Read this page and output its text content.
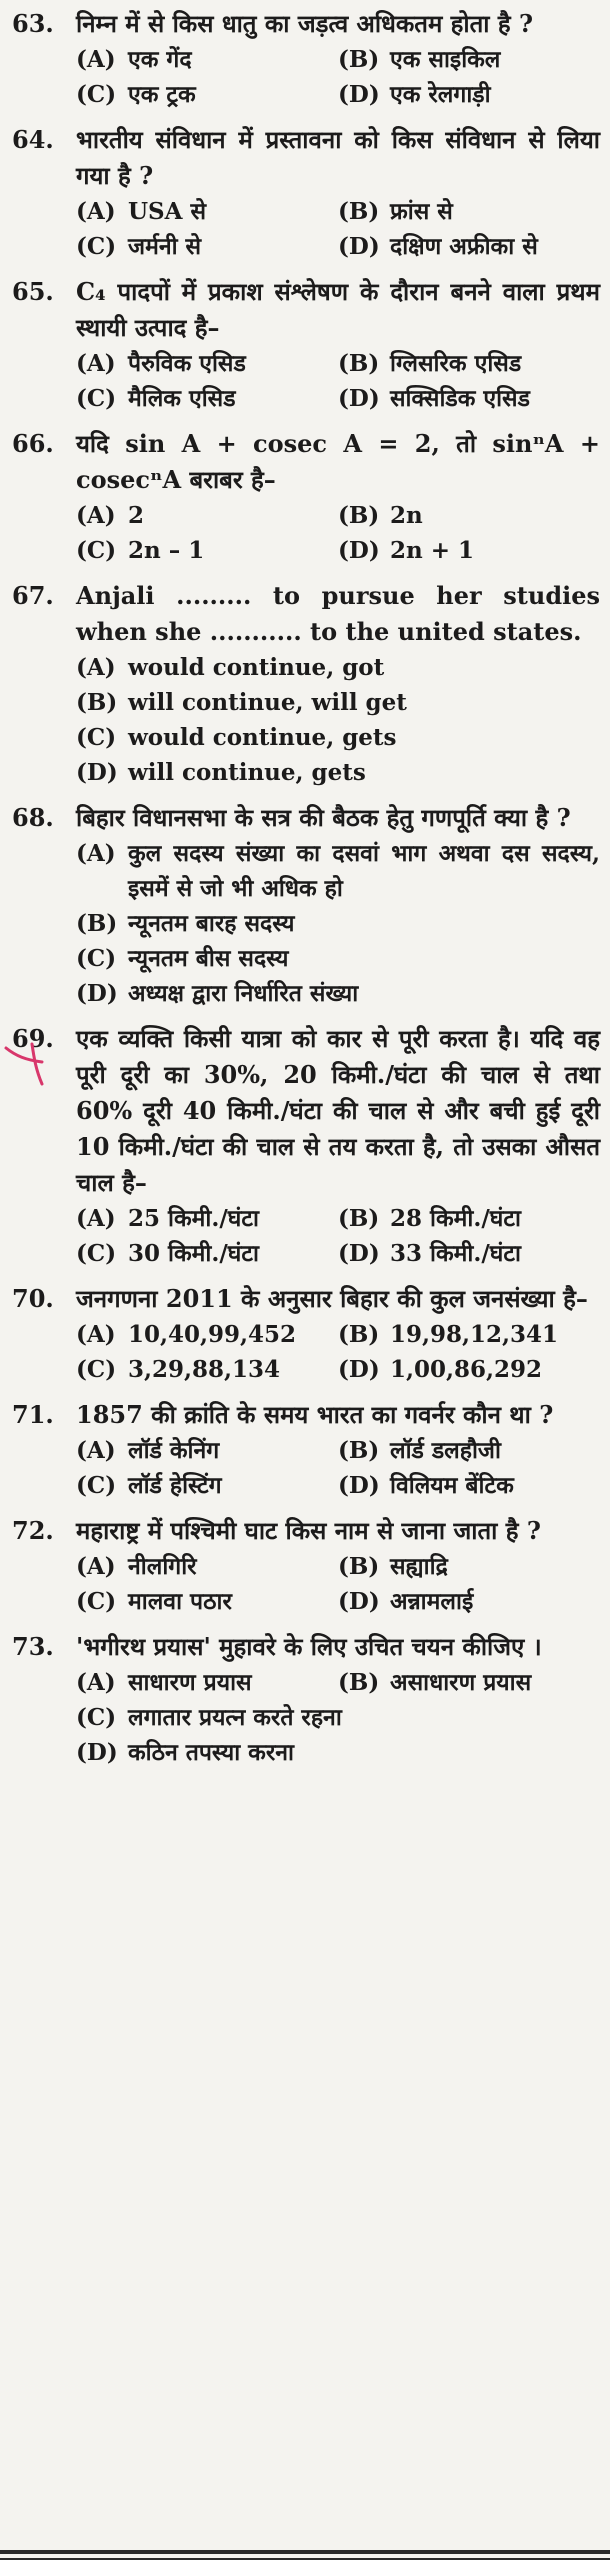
63. निम्न में से किस धातु का जड़त्व अधिकतम होता है ?
(A) एक गेंद	(B) एक साइकिल
(C) एक ट्रक	(D) एक रेलगाड़ी
64. भारतीय संविधान में प्रस्तावना को किस संविधान से लिया गया है ?
(A) USA से	(B) फ्रांस से
(C) जर्मनी से	(D) दक्षिण अफ्रीका से
65. C₄ पादपों में प्रकाश संश्लेषण के दौरान बनने वाला प्रथम स्थायी उत्पाद है–
(A) पैरुविक एसिड	(B) ग्लिसरिक एसिड
(C) मैलिक एसिड	(D) सक्सिडिक एसिड
66. यदि sin A + cosec A = 2, तो sinⁿA + cosecⁿA बराबर है–
(A) 2	(B) 2n
(C) 2n – 1	(D) 2n + 1
67. Anjali ......... to pursue her studies when she ........... to the united states.
(A) would continue, got
(B) will continue, will get
(C) would continue, gets
(D) will continue, gets
68. बिहार विधानसभा के सत्र की बैठक हेतु गणपूर्ति क्या है ?
(A) कुल सदस्य संख्या का दसवां भाग अथवा दस सदस्य, इसमें से जो भी अधिक हो
(B) न्यूनतम बारह सदस्य
(C) न्यूनतम बीस सदस्य
(D) अध्यक्ष द्वारा निर्धारित संख्या
69. एक व्यक्ति किसी यात्रा को कार से पूरी करता है। यदि वह पूरी दूरी का 30%, 20 किमी./घंटा की चाल से तथा 60% दूरी 40 किमी./घंटा की चाल से और बची हुई दूरी 10 किमी./घंटा की चाल से तय करता है, तो उसका औसत चाल है–
(A) 25 किमी./घंटा	(B) 28 किमी./घंटा
(C) 30 किमी./घंटा	(D) 33 किमी./घंटा
70. जनगणना 2011 के अनुसार बिहार की कुल जनसंख्या है–
(A) 10,40,99,452	(B) 19,98,12,341
(C) 3,29,88,134	(D) 1,00,86,292
71. 1857 की क्रांति के समय भारत का गवर्नर कौन था ?
(A) लॉर्ड केनिंग	(B) लॉर्ड डलहौजी
(C) लॉर्ड हेस्टिंग	(D) विलियम बेंटिक
72. महाराष्ट्र में पश्चिमी घाट किस नाम से जाना जाता है ?
(A) नीलगिरि	(B) सह्याद्रि
(C) मालवा पठार	(D) अन्नामलाई
73. 'भगीरथ प्रयास' मुहावरे के लिए उचित चयन कीजिए ।
(A) साधारण प्रयास	(B) असाधारण प्रयास
(C) लगातार प्रयत्न करते रहना
(D) कठिन तपस्या करना
